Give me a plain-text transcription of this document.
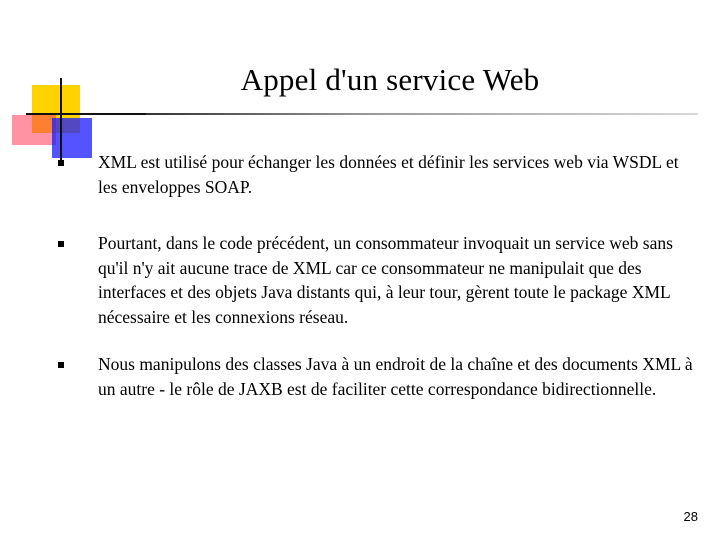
Appel d'un service Web
XML est utilisé pour échanger les données et définir les services web via WSDL et les enveloppes SOAP.
Pourtant, dans le code précédent, un consommateur invoquait un service web sans qu'il n'y ait aucune trace de XML car ce consommateur ne manipulait que des interfaces et des objets Java distants qui, à leur tour, gèrent toute le package XML nécessaire et les connexions réseau.
Nous manipulons des classes Java à un endroit de la chaîne et des documents XML à un autre - le rôle de JAXB est de faciliter cette correspondance bidirectionnelle.
28
